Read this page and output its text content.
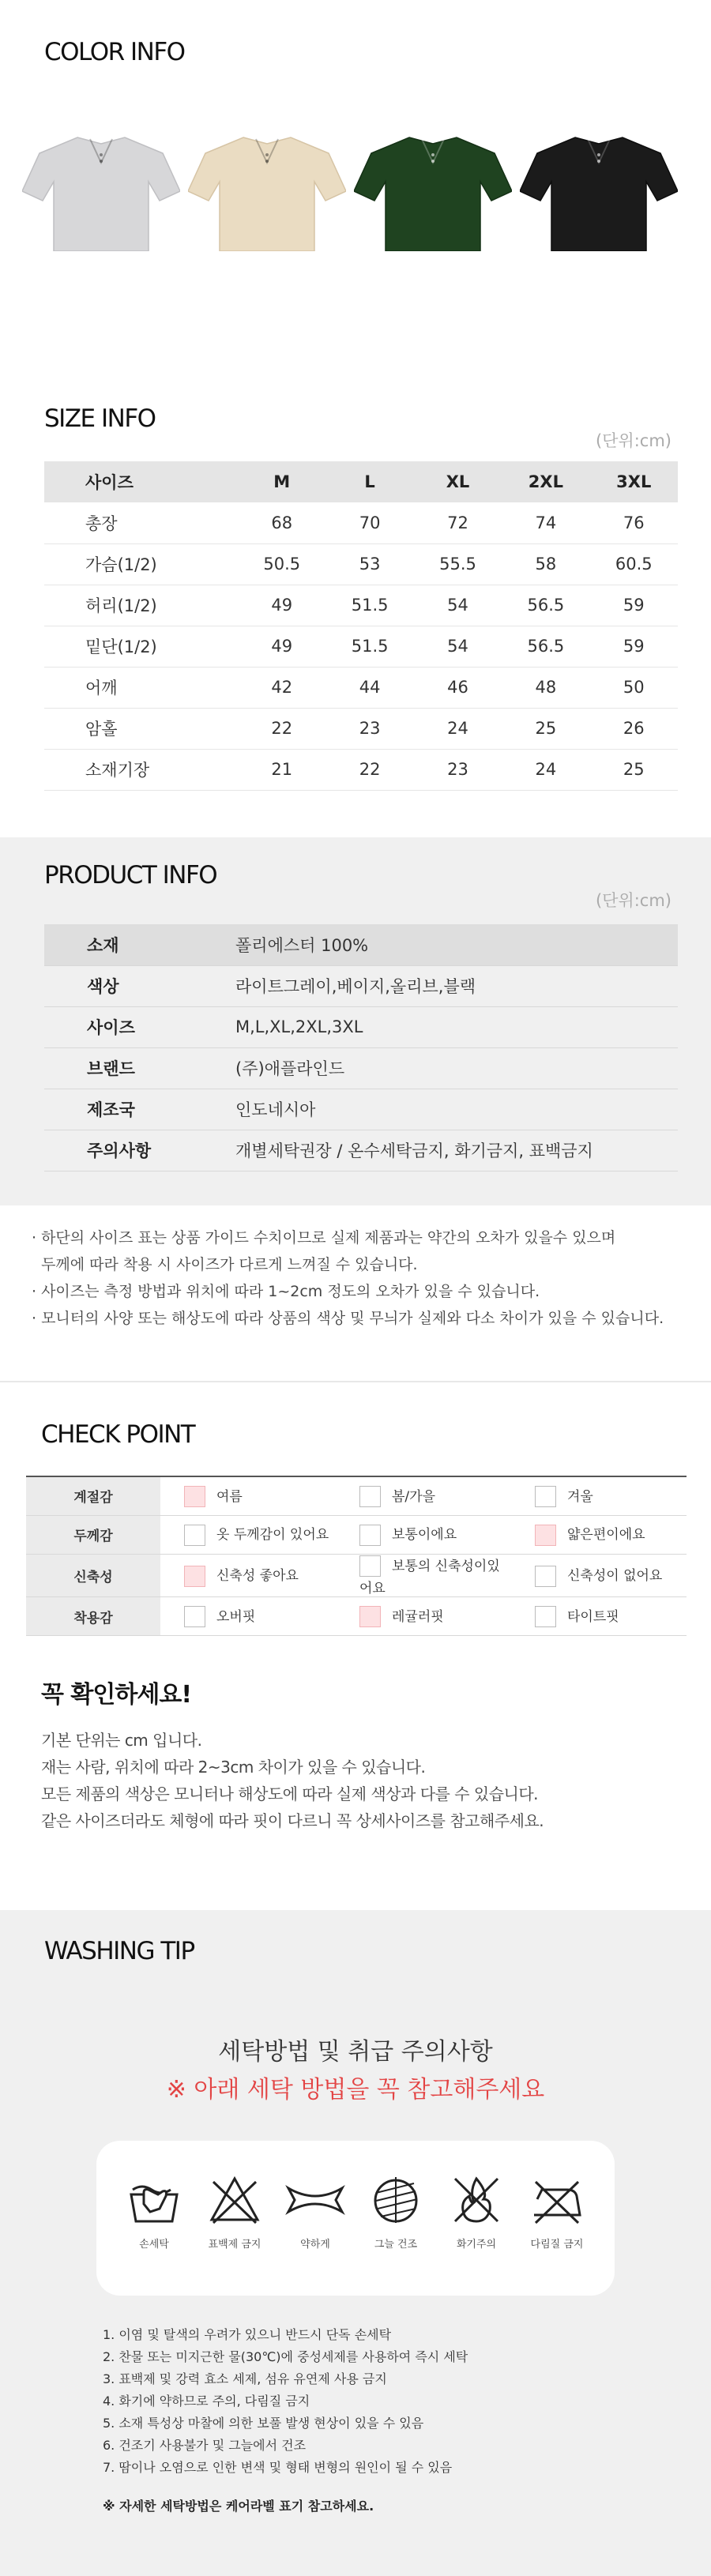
COLOR INFO
SIZE INFO
(단위:cm)
사이즈	M	L	XL	2XL	3XL
총장	68	70	72	74	76
가슴(1/2)	50.5	53	55.5	58	60.5
허리(1/2)	49	51.5	54	56.5	59
밑단(1/2)	49	51.5	54	56.5	59
어깨	42	44	46	48	50
암홀	22	23	24	25	26
소재기장	21	22	23	24	25
PRODUCT INFO
(단위:cm)
소재	폴리에스터 100%
색상	라이트그레이,베이지,올리브,블랙
사이즈	M,L,XL,2XL,3XL
브랜드	(주)애플라인드
제조국	인도네시아
주의사항	개별세탁권장 / 온수세탁금지, 화기금지, 표백금지
· 하단의 사이즈 표는 상품 가이드 수치이므로 실제 제품과는 약간의 오차가 있을수 있으며
두께에 따라 착용 시 사이즈가 다르게 느껴질 수 있습니다.
· 사이즈는 측정 방법과 위치에 따라 1~2cm 정도의 오차가 있을 수 있습니다.
· 모니터의 사양 또는 해상도에 따라 상품의 색상 및 무늬가 실제와 다소 차이가 있을 수 있습니다.
CHECK POINT
계절감	여름	봄/가을	겨울
두께감	옷 두께감이 있어요	보통이에요	얇은편이에요
신축성	신축성 좋아요	보통의 신축성이있어요	신축성이 없어요
착용감	오버핏	레귤러핏	타이트핏
꼭 확인하세요!
기본 단위는 cm 입니다.
재는 사람, 위치에 따라 2~3cm 차이가 있을 수 있습니다.
모든 제품의 색상은 모니터나 해상도에 따라 실제 색상과 다를 수 있습니다.
같은 사이즈더라도 체형에 따라 핏이 다르니 꼭 상세사이즈를 참고해주세요.
WASHING TIP
세탁방법 및 취급 주의사항
※ 아래 세탁 방법을 꼭 참고해주세요
손세탁	표백제 금지	약하게	그늘 건조	화기주의	다림질 금지
1. 이염 및 탈색의 우려가 있으니 반드시 단독 손세탁
2. 찬물 또는 미지근한 물(30℃)에 중성세제를 사용하여 즉시 세탁
3. 표백제 및 강력 효소 세제, 섬유 유연제 사용 금지
4. 화기에 약하므로 주의, 다림질 금지
5. 소재 특성상 마찰에 의한 보풀 발생 현상이 있을 수 있음
6. 건조기 사용불가 및 그늘에서 건조
7. 땀이나 오염으로 인한 변색 및 형태 변형의 원인이 될 수 있음
※ 자세한 세탁방법은 케어라벨 표기 참고하세요.
